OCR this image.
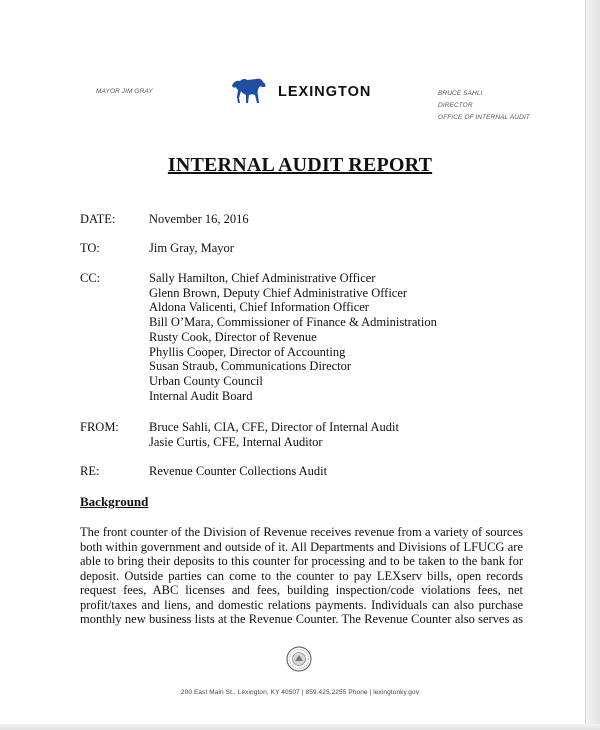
MAYOR JIM GRAY	LEXINGTON	BRUCE SAHLI
DIRECTOR
OFFICE OF INTERNAL AUDIT
INTERNAL AUDIT REPORT
DATE:	November 16, 2016
TO:	Jim Gray, Mayor
CC:	Sally Hamilton, Chief Administrative Officer
Glenn Brown, Deputy Chief Administrative Officer
Aldona Valicenti, Chief Information Officer
Bill O’Mara, Commissioner of Finance & Administration
Rusty Cook, Director of Revenue
Phyllis Cooper, Director of Accounting
Susan Straub, Communications Director
Urban County Council
Internal Audit Board
FROM:	Bruce Sahli, CIA, CFE, Director of Internal Audit
Jasie Curtis, CFE, Internal Auditor
RE:	Revenue Counter Collections Audit
Background
The front counter of the Division of Revenue receives revenue from a variety of sources
both within government and outside of it. All Departments and Divisions of LFUCG are
able to bring their deposits to this counter for processing and to be taken to the bank for
deposit. Outside parties can come to the counter to pay LEXserv bills, open records
request fees, ABC licenses and fees, building inspection/code violations fees, net
profit/taxes and liens, and domestic relations payments. Individuals can also purchase
monthly new business lists at the Revenue Counter. The Revenue Counter also serves as
200 East Main St., Lexington, KY 40507 | 859.425.2255 Phone | lexingtonky.gov
